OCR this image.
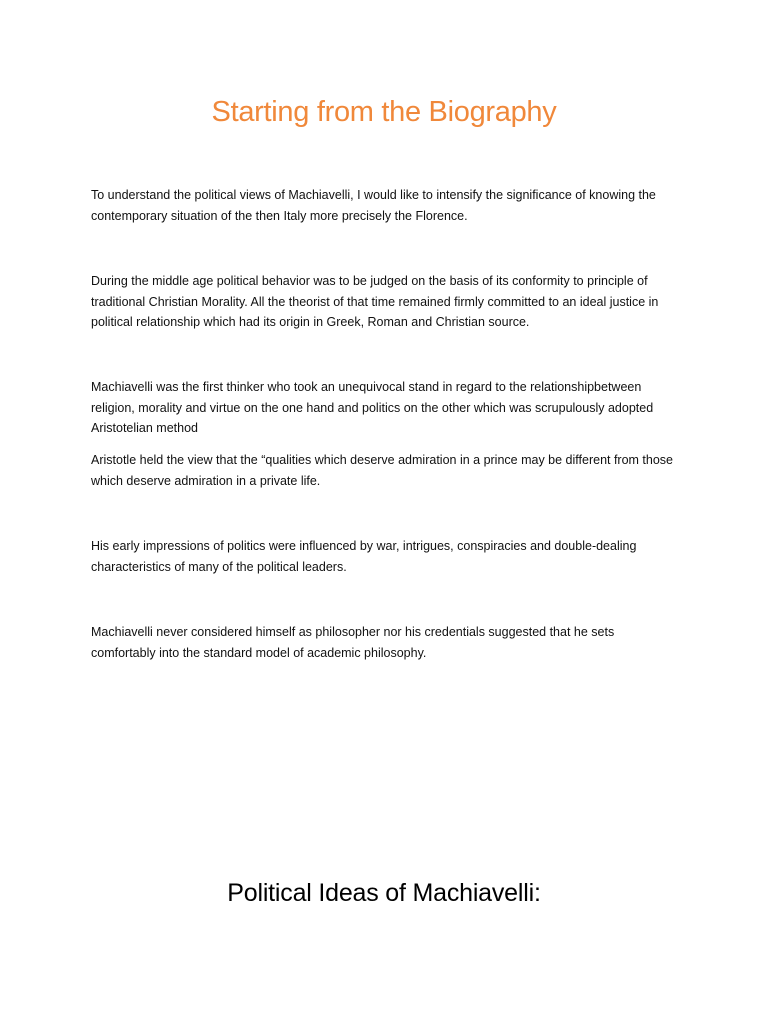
Starting from the Biography
To understand the political views of Machiavelli, I would like to intensify the significance of knowing the contemporary situation of the then Italy more precisely the Florence.
During the middle age political behavior was to be judged on the basis of its conformity to principle of traditional Christian Morality. All the theorist of that time remained firmly committed to an ideal justice in political relationship which had its origin in Greek, Roman and Christian source.
Machiavelli was the first thinker who took an unequivocal stand in regard to the relationshipbetween religion, morality and virtue on the one hand and politics on the other which was scrupulously adopted Aristotelian method
Aristotle held the view that the “qualities which deserve admiration in a prince may be different from those which deserve admiration in a private life.
His early impressions of politics were influenced by war, intrigues, conspiracies and double-dealing characteristics of many of the political leaders.
Machiavelli never considered himself as philosopher nor his credentials suggested that he sets comfortably into the standard model of academic philosophy.
Political Ideas of Machiavelli:
